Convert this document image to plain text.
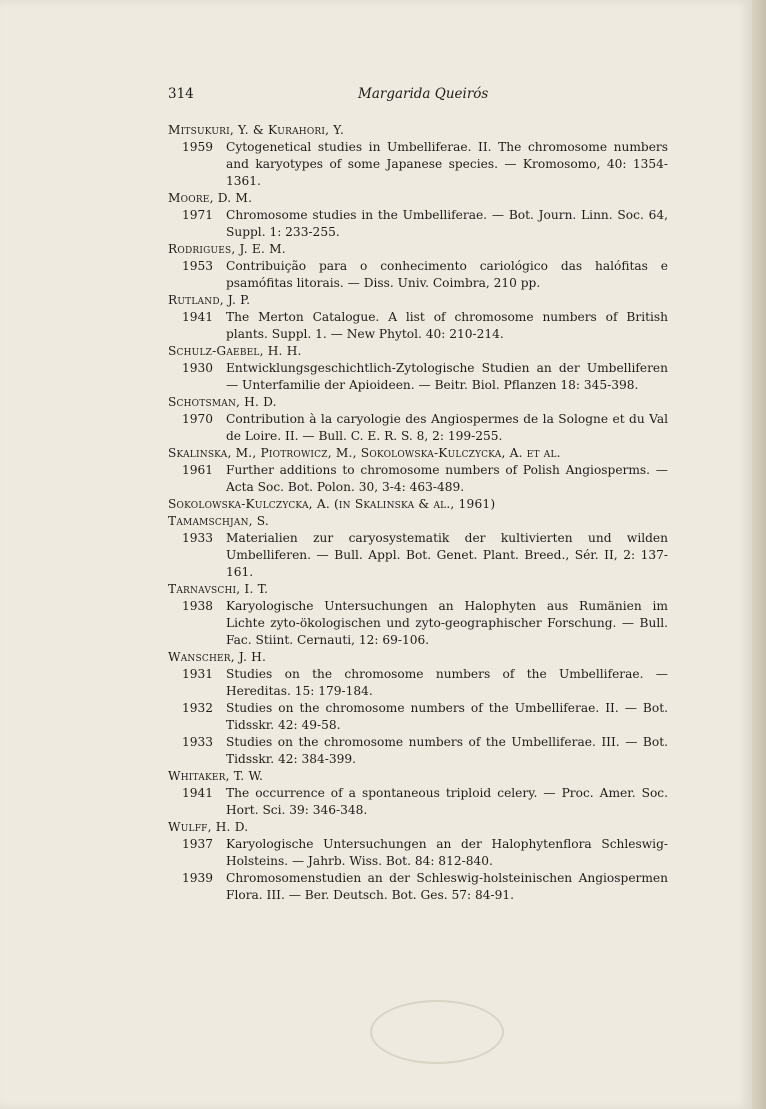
314	Margarida Queirós
Mitsukuri, Y. & Kurahori, Y.
1959	Cytogenetical studies in Umbelliferae. II. The chromosome numbers and karyotypes of some Japanese species. — Kromosomo, 40: 1354-1361.
Moore, D. M.
1971	Chromosome studies in the Umbelliferae. — Bot. Journ. Linn. Soc. 64, Suppl. 1: 233-255.
Rodrigues, J. E. M.
1953	Contribuição para o conhecimento cariológico das halófitas e psamófitas litorais. — Diss. Univ. Coimbra, 210 pp.
Rutland, J. P.
1941	The Merton Catalogue. A list of chromosome numbers of British plants. Suppl. 1. — New Phytol. 40: 210-214.
Schulz-Gaebel, H. H.
1930	Entwicklungsgeschichtlich-Zytologische Studien an der Umbelliferen — Unterfamilie der Apioideen. — Beitr. Biol. Pflanzen 18: 345-398.
Schotsman, H. D.
1970	Contribution à la caryologie des Angiospermes de la Sologne et du Val de Loire. II. — Bull. C. E. R. S. 8, 2: 199-255.
Skalinska, M., Piotrowicz, M., Sokolowska-Kulczycka, A. et al.
1961	Further additions to chromosome numbers of Polish Angiosperms. — Acta Soc. Bot. Polon. 30, 3-4: 463-489.
Sokolowska-Kulczycka, A. (in Skalinska & al., 1961)
Tamamschjan, S.
1933	Materialien zur caryosystematik der kultivierten und wilden Umbelliferen. — Bull. Appl. Bot. Genet. Plant. Breed., Sér. II, 2: 137-161.
Tarnavschi, I. T.
1938	Karyologische Untersuchungen an Halophyten aus Rumänien im Lichte zyto-ökologischen und zyto-geographischer Forschung. — Bull. Fac. Stiint. Cernauti, 12: 69-106.
Wanscher, J. H.
1931	Studies on the chromosome numbers of the Umbelliferae. — Hereditas. 15: 179-184.
1932	Studies on the chromosome numbers of the Umbelliferae. II. — Bot. Tidsskr. 42: 49-58.
1933	Studies on the chromosome numbers of the Umbelliferae. III. — Bot. Tidsskr. 42: 384-399.
Whitaker, T. W.
1941	The occurrence of a spontaneous triploid celery. — Proc. Amer. Soc. Hort. Sci. 39: 346-348.
Wulff, H. D.
1937	Karyologische Untersuchungen an der Halophytenflora Schleswig-Holsteins. — Jahrb. Wiss. Bot. 84: 812-840.
1939	Chromosomenstudien an der Schleswig-holsteinischen Angiospermen Flora. III. — Ber. Deutsch. Bot. Ges. 57: 84-91.
